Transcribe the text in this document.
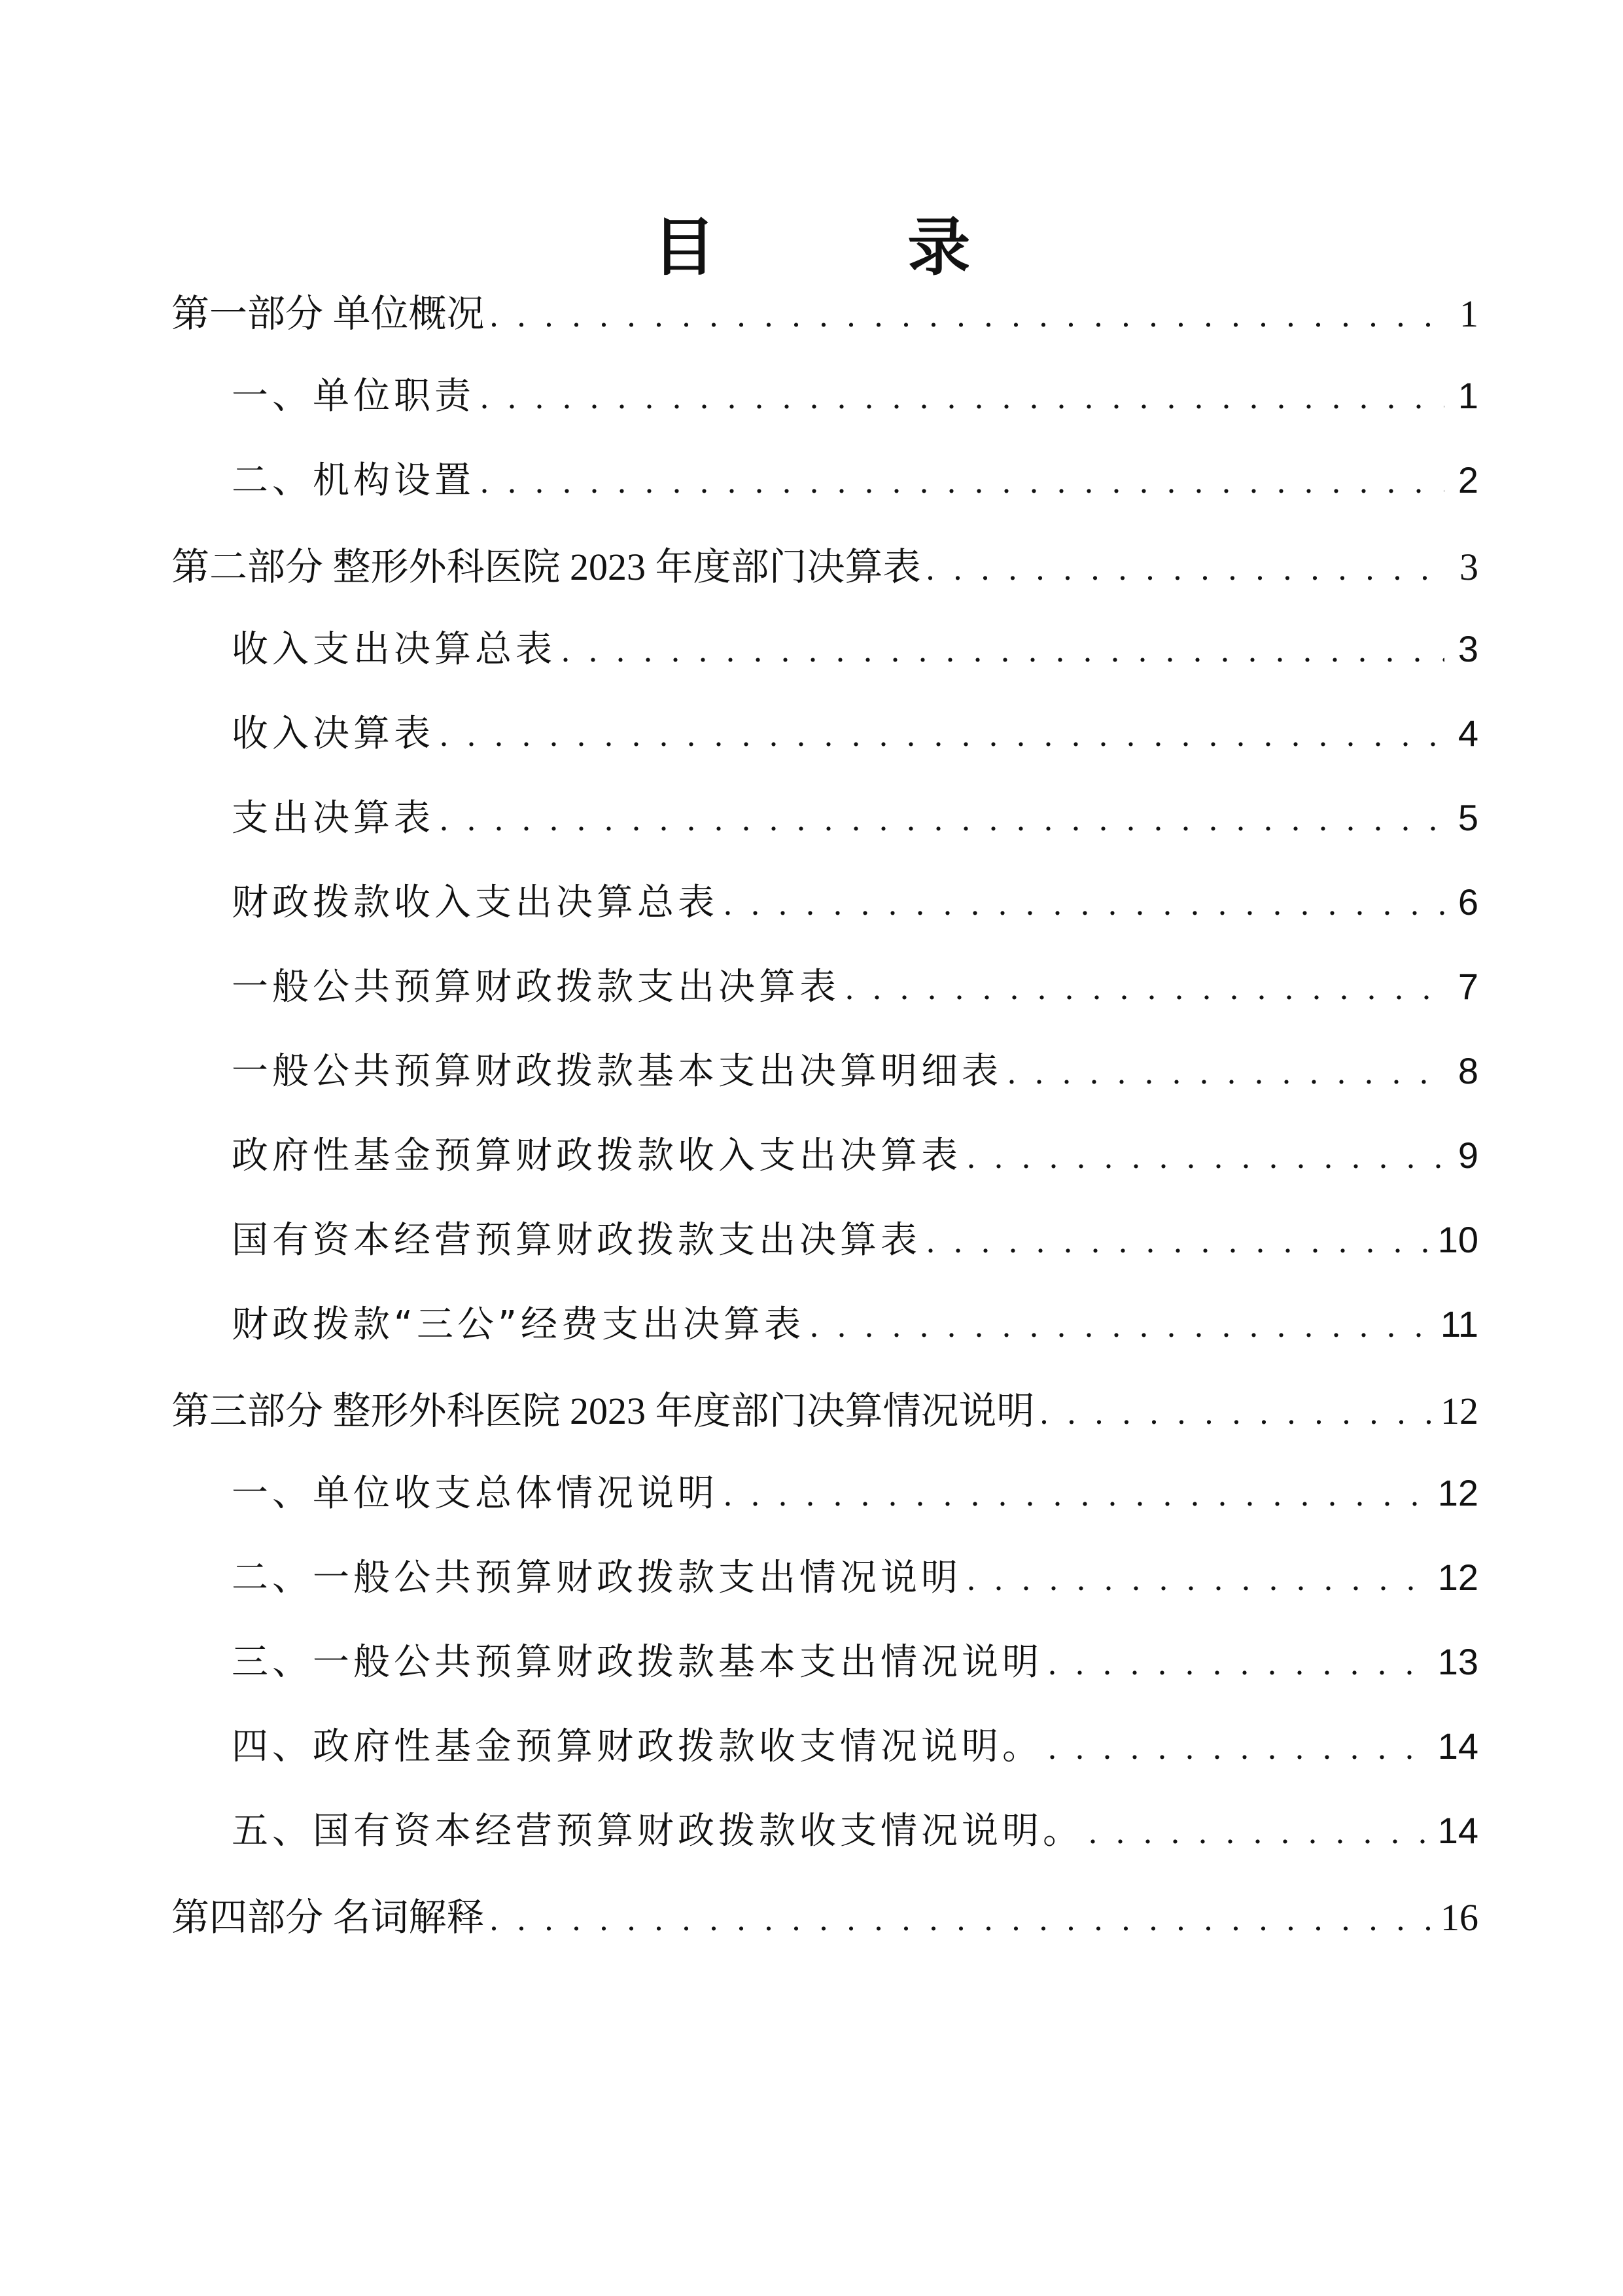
目 录
第一部分 单位概况 . . .	1
一、单位职责 . . .	1
二、机构设置 . . .	2
第二部分 整形外科医院 2023 年度部门决算表 . . .	3
收入支出决算总表 . . .	3
收入决算表 . . .	4
支出决算表 . . .	5
财政拨款收入支出决算总表 . . .	6
一般公共预算财政拨款支出决算表 . . .	7
一般公共预算财政拨款基本支出决算明细表 . . .	8
政府性基金预算财政拨款收入支出决算表 . . .	9
国有资本经营预算财政拨款支出决算表 . . .	10
财政拨款“三公”经费支出决算表 . . .	11
第三部分 整形外科医院 2023 年度部门决算情况说明 . . .	12
一、单位收支总体情况说明 . . .	12
二、一般公共预算财政拨款支出情况说明 . . .	12
三、一般公共预算财政拨款基本支出情况说明 . . .	13
四、政府性基金预算财政拨款收支情况说明。 . . .	14
五、国有资本经营预算财政拨款收支情况说明。 . . .	14
第四部分 名词解释 . . .	16
